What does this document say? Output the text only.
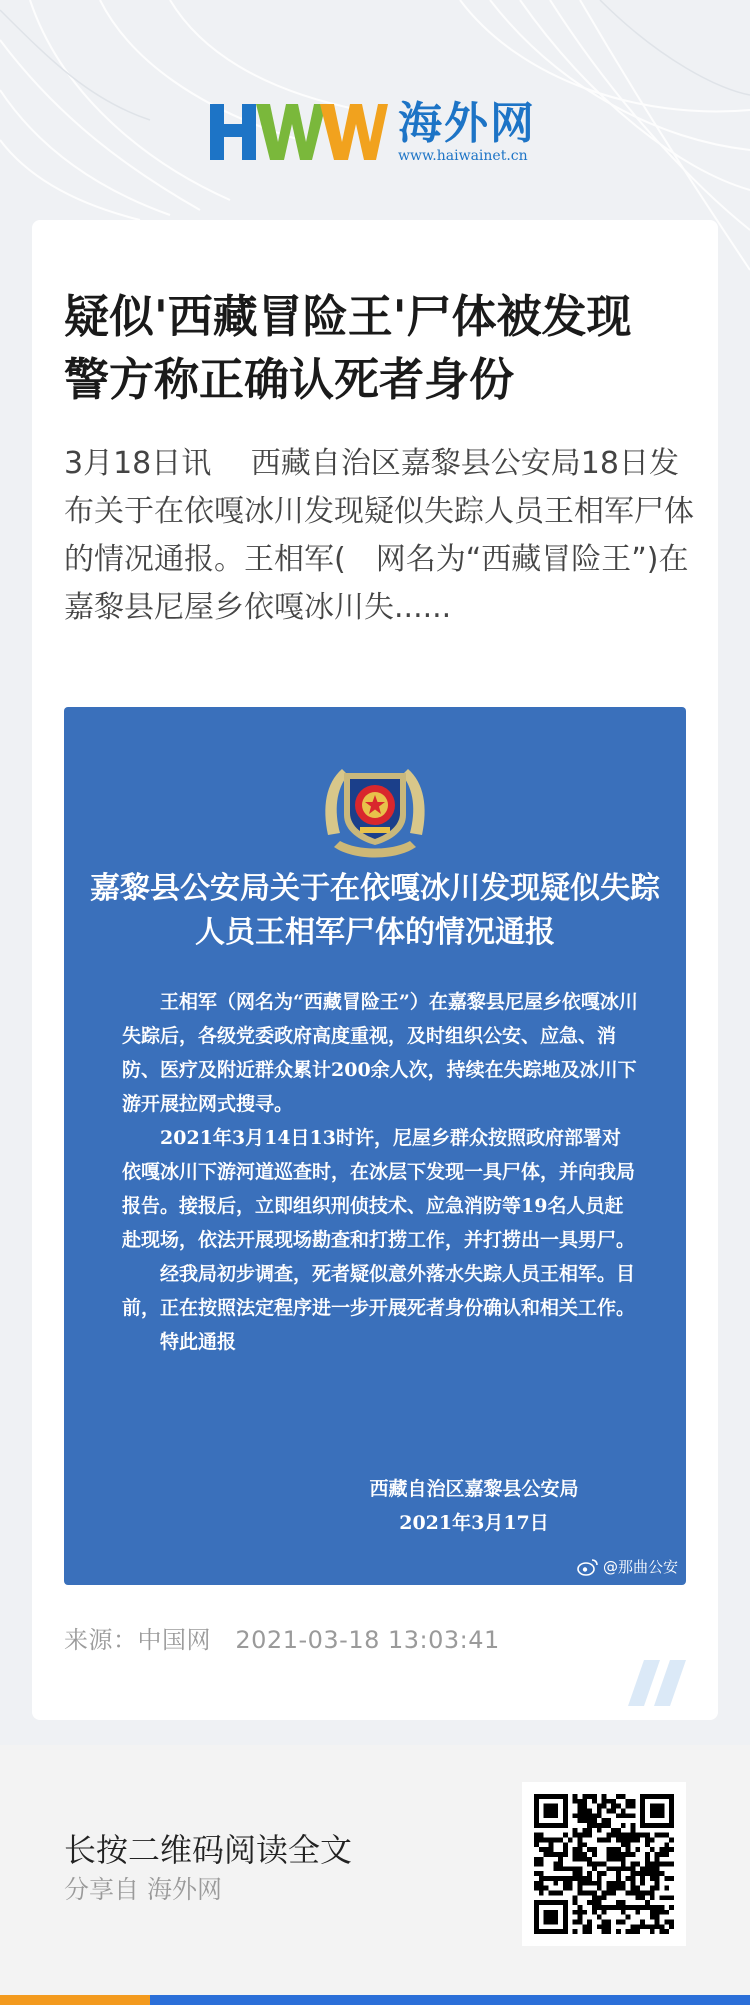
海外网
www.haiwainet.cn
疑似'西藏冒险王'尸体被发现 警方称正确认死者身份
3月18日讯　 西藏自治区嘉黎县公安局18日发布关于在依嘎冰川发现疑似失踪人员王相军尸体的情况通报。王相军(　网名为“西藏冒险王”)在嘉黎县尼屋乡依嘎冰川失......
嘉黎县公安局关于在依嘎冰川发现疑似失踪人员王相军尸体的情况通报

王相军（网名为“西藏冒险王”）在嘉黎县尼屋乡依嘎冰川失踪后，各级党委政府高度重视，及时组织公安、应急、消防、医疗及附近群众累计200余人次，持续在失踪地及冰川下游开展拉网式搜寻。

2021年3月14日13时许，尼屋乡群众按照政府部署对依嘎冰川下游河道巡查时，在冰层下发现一具尸体，并向我局报告。接报后，立即组织刑侦技术、应急消防等19名人员赶赴现场，依法开展现场勘查和打捞工作，并打捞出一具男尸。

经我局初步调查，死者疑似意外落水失踪人员王相军。目前，正在按照法定程序进一步开展死者身份确认和相关工作。

特此通报

西藏自治区嘉黎县公安局
2021年3月17日
@那曲公安
来源：中国网 2021-03-18 13:03:41
长按二维码阅读全文
分享自 海外网
